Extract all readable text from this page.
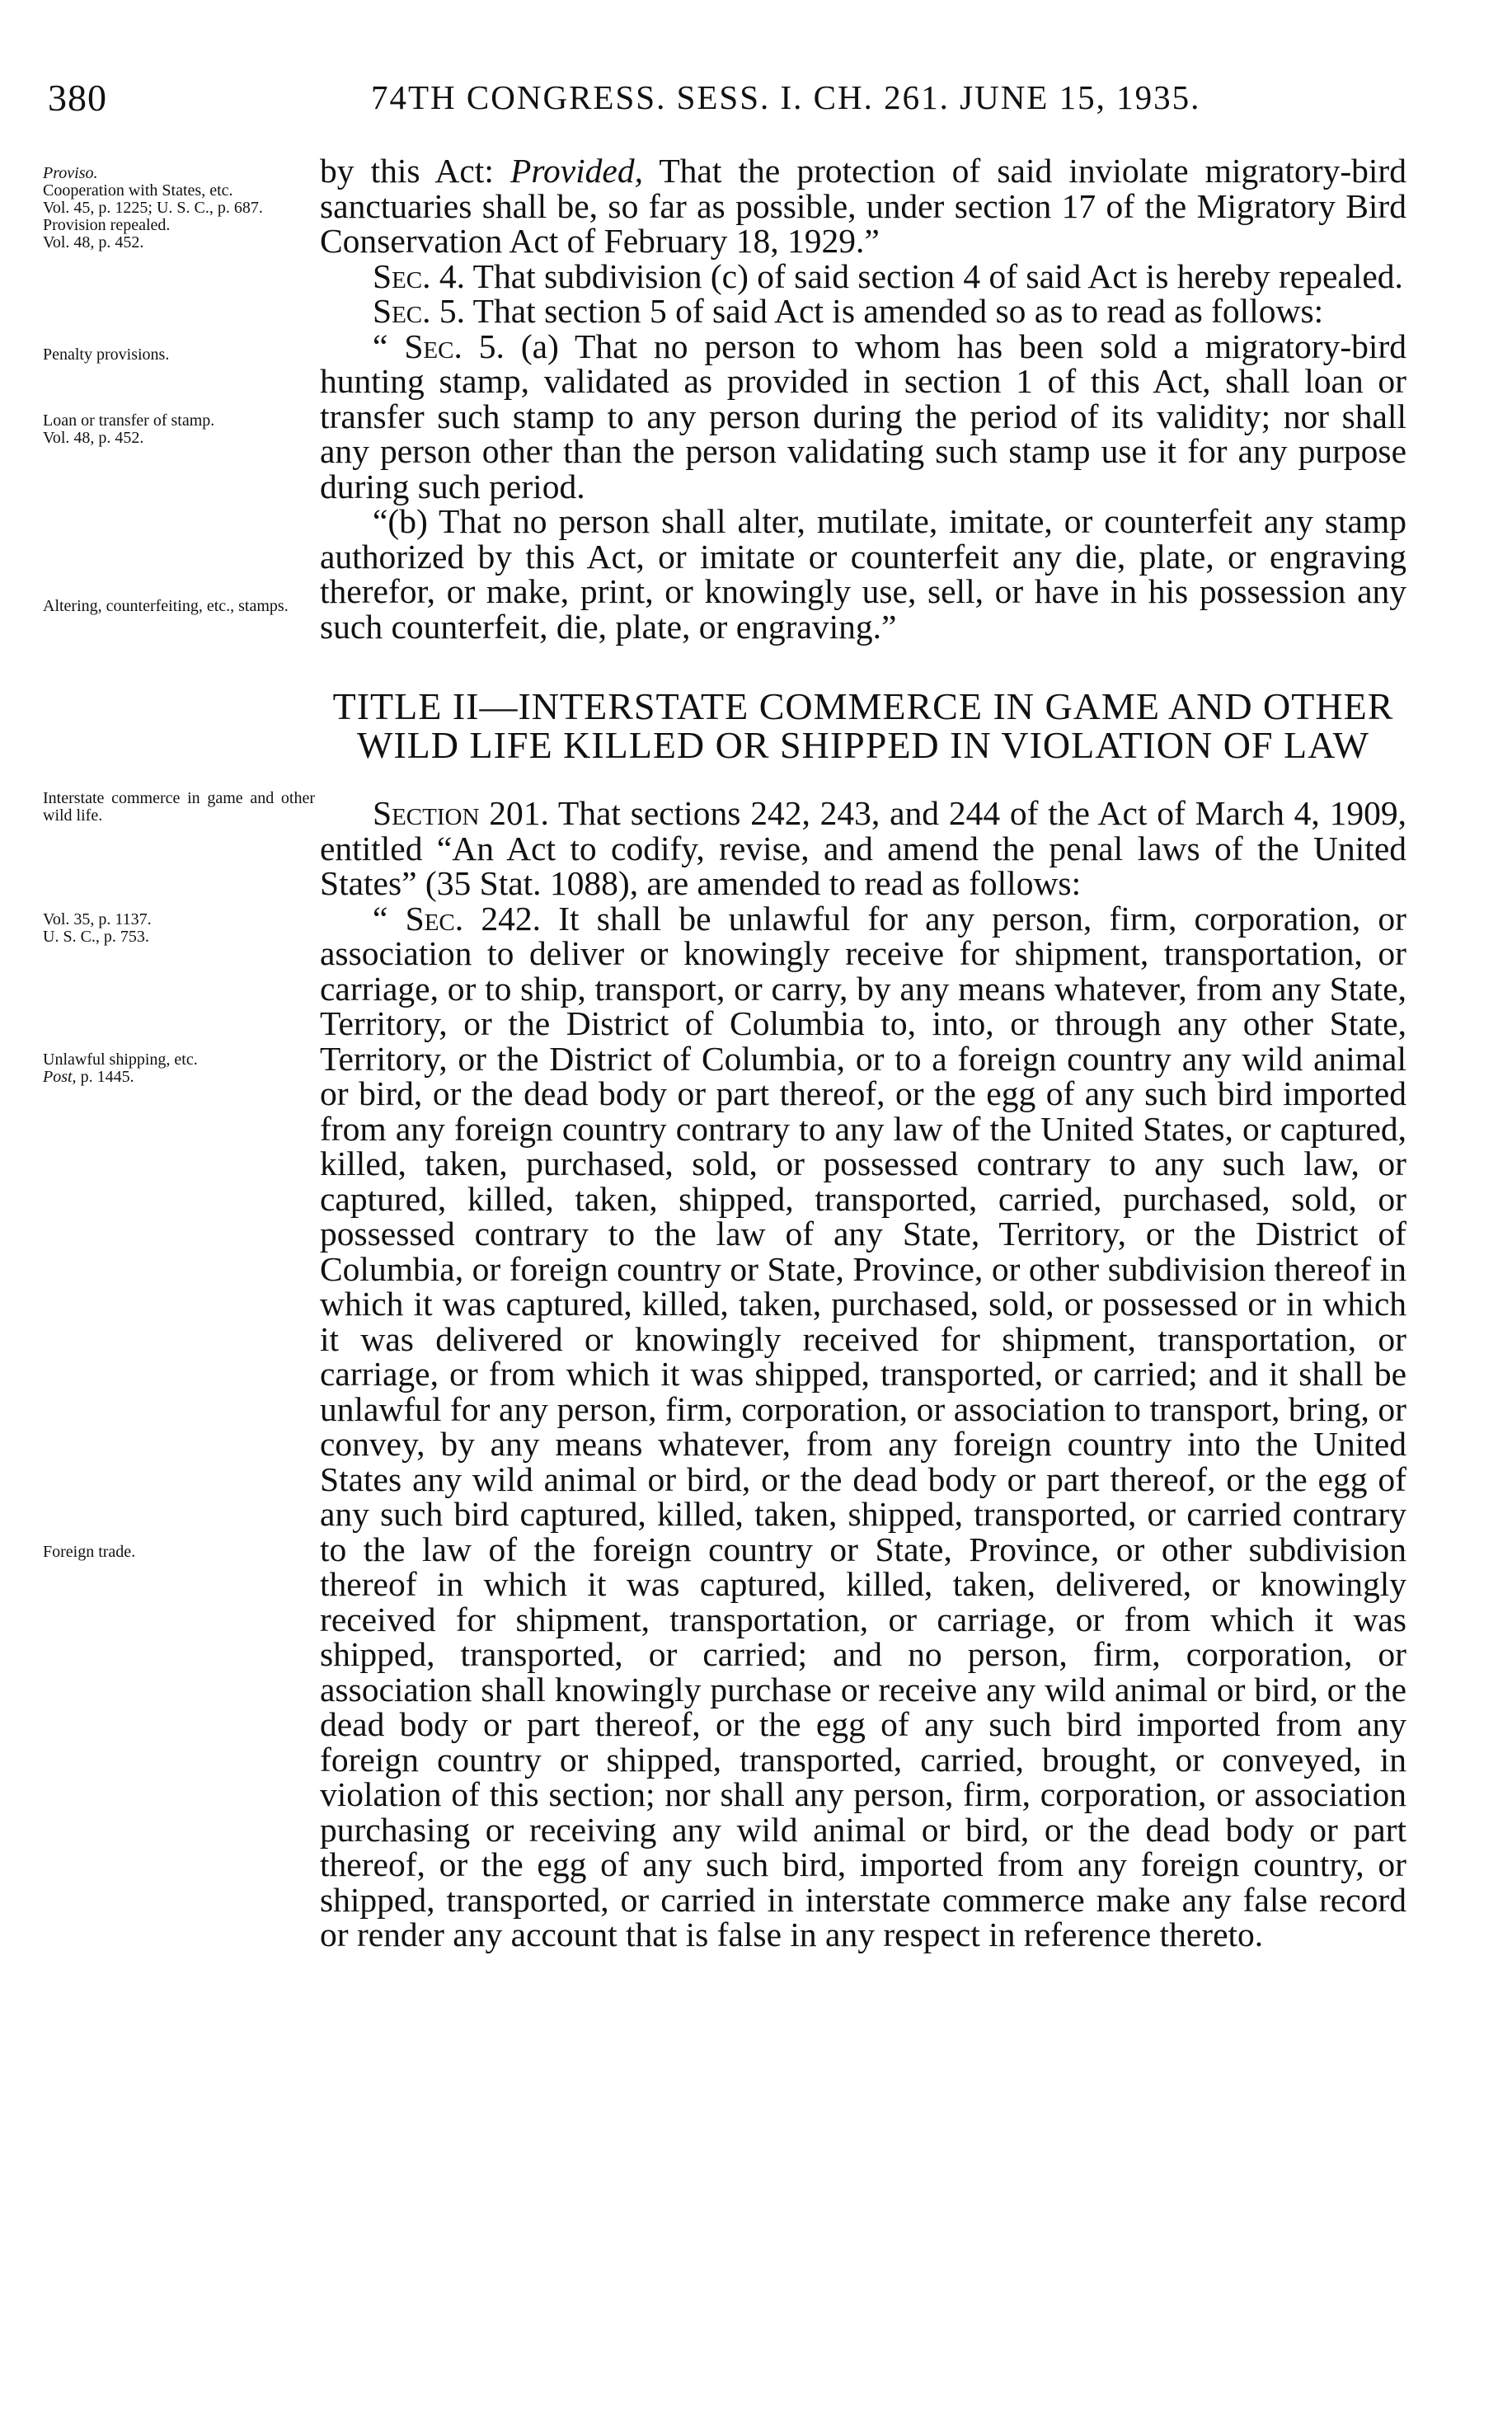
380	74TH CONGRESS. SESS. I. CH. 261. JUNE 15, 1935.
Proviso.
Cooperation with States, etc.
Vol. 45, p. 1225; U. S. C., p. 687.
Provision repealed.
Vol. 48, p. 452.
Penalty provisions.
Loan or transfer of stamp.
Vol. 48, p. 452.
Altering, counterfeiting, etc., stamps.
Interstate commerce in game and other wild life.
Vol. 35, p. 1137.
U. S. C., p. 753.
Unlawful shipping, etc.
Post, p. 1445.
Foreign trade.

by this Act: Provided, That the protection of said inviolate migratory-bird sanctuaries shall be, so far as possible, under section 17 of the Migratory Bird Conservation Act of February 18, 1929.”

Sec. 4. That subdivision (c) of said section 4 of said Act is hereby repealed.

Sec. 5. That section 5 of said Act is amended so as to read as follows:

“ Sec. 5. (a) That no person to whom has been sold a migratory-bird hunting stamp, validated as provided in section 1 of this Act, shall loan or transfer such stamp to any person during the period of its validity; nor shall any person other than the person validating such stamp use it for any purpose during such period.

“(b) That no person shall alter, mutilate, imitate, or counterfeit any stamp authorized by this Act, or imitate or counterfeit any die, plate, or engraving therefor, or make, print, or knowingly use, sell, or have in his possession any such counterfeit, die, plate, or engraving.”

TITLE II—INTERSTATE COMMERCE IN GAME AND OTHER WILD LIFE KILLED OR SHIPPED IN VIOLATION OF LAW

Section 201. That sections 242, 243, and 244 of the Act of March 4, 1909, entitled “An Act to codify, revise, and amend the penal laws of the United States” (35 Stat. 1088), are amended to read as follows:

“ Sec. 242. It shall be unlawful for any person, firm, corporation, or association to deliver or knowingly receive for shipment, transportation, or carriage, or to ship, transport, or carry, by any means whatever, from any State, Territory, or the District of Columbia to, into, or through any other State, Territory, or the District of Columbia, or to a foreign country any wild animal or bird, or the dead body or part thereof, or the egg of any such bird imported from any foreign country contrary to any law of the United States, or captured, killed, taken, purchased, sold, or possessed contrary to any such law, or captured, killed, taken, shipped, transported, carried, purchased, sold, or possessed contrary to the law of any State, Territory, or the District of Columbia, or foreign country or State, Province, or other subdivision thereof in which it was captured, killed, taken, purchased, sold, or possessed or in which it was delivered or knowingly received for shipment, transportation, or carriage, or from which it was shipped, transported, or carried; and it shall be unlawful for any person, firm, corporation, or association to transport, bring, or convey, by any means whatever, from any foreign country into the United States any wild animal or bird, or the dead body or part thereof, or the egg of any such bird captured, killed, taken, shipped, transported, or carried contrary to the law of the foreign country or State, Province, or other subdivision thereof in which it was captured, killed, taken, delivered, or knowingly received for shipment, transportation, or carriage, or from which it was shipped, transported, or carried; and no person, firm, corporation, or association shall knowingly purchase or receive any wild animal or bird, or the dead body or part thereof, or the egg of any such bird imported from any foreign country or shipped, transported, carried, brought, or conveyed, in violation of this section; nor shall any person, firm, corporation, or association purchasing or receiving any wild animal or bird, or the dead body or part thereof, or the egg of any such bird, imported from any foreign country, or shipped, transported, or carried in interstate commerce make any false record or render any account that is false in any respect in reference thereto.
